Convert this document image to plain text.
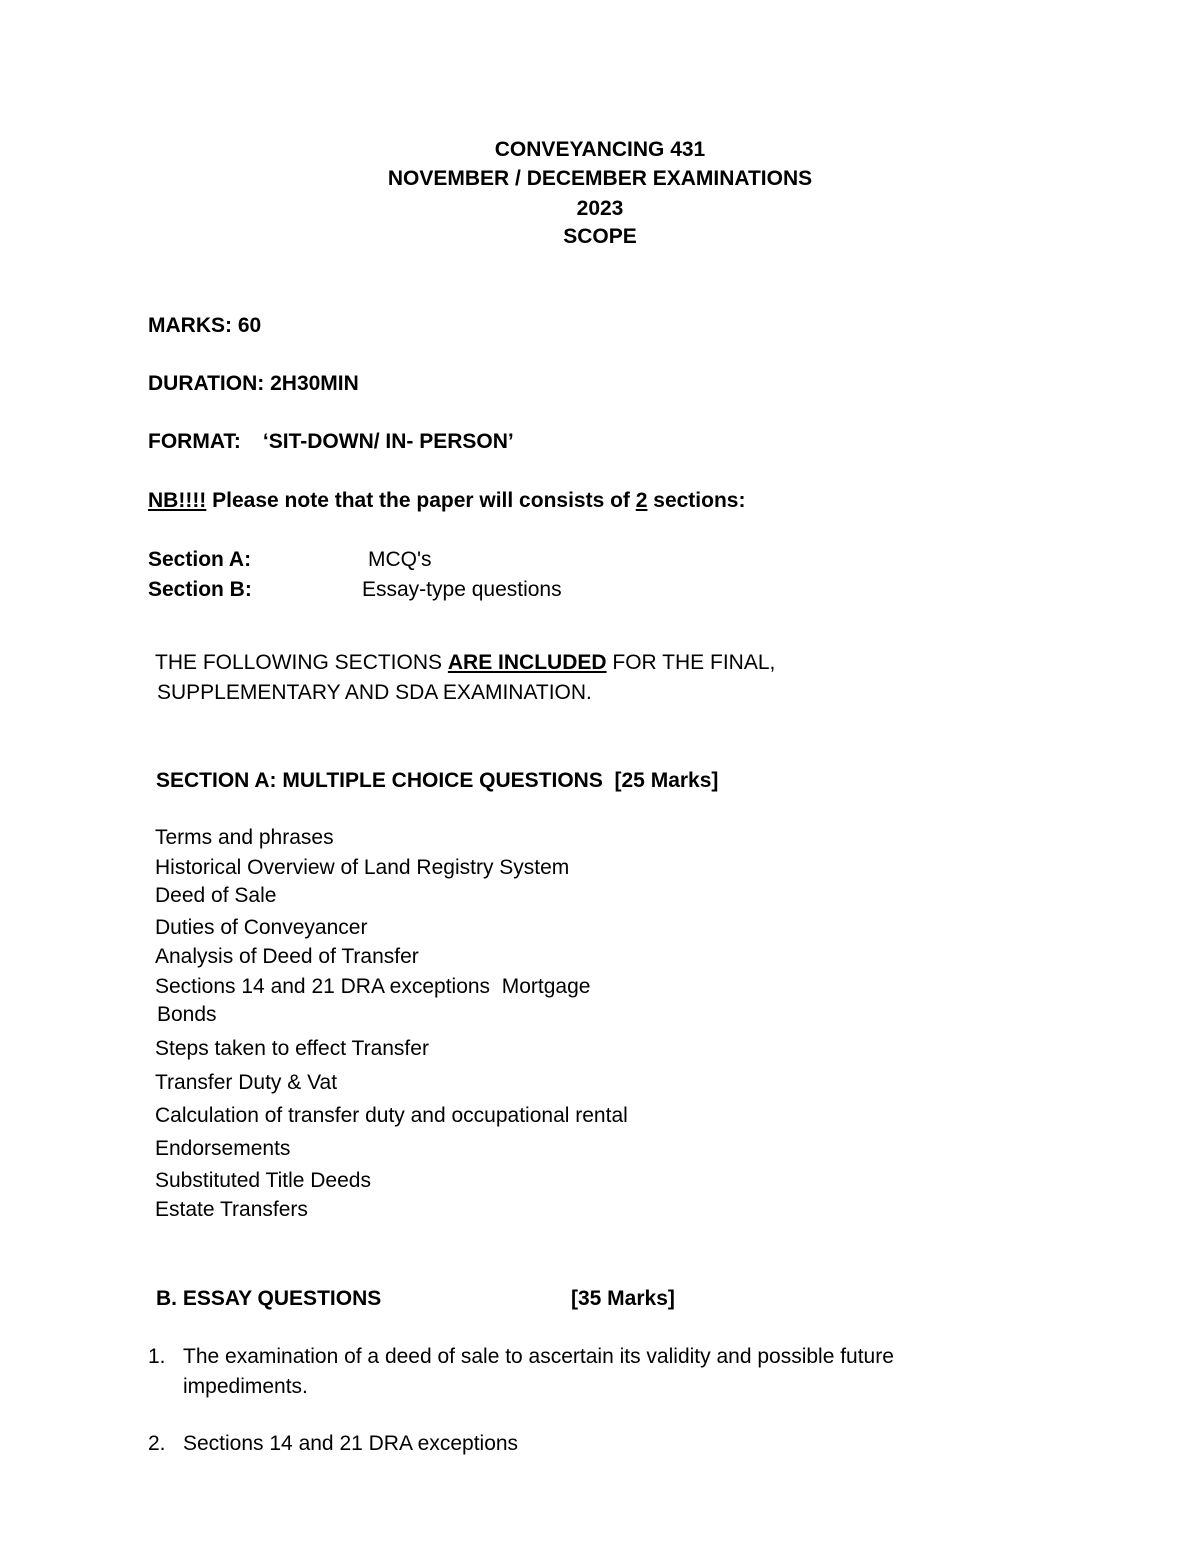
CONVEYANCING 431
NOVEMBER / DECEMBER EXAMINATIONS
2023
SCOPE
MARKS: 60
DURATION: 2H30MIN
FORMAT: ‘SIT-DOWN/ IN- PERSON’
NB!!!! Please note that the paper will consists of 2 sections:
Section A:	MCQ's
Section B:	Essay-type questions
THE FOLLOWING SECTIONS ARE INCLUDED FOR THE FINAL,
SUPPLEMENTARY AND SDA EXAMINATION.
SECTION A: MULTIPLE CHOICE QUESTIONS  [25 Marks]
Terms and phrases
Historical Overview of Land Registry System
Deed of Sale
Duties of Conveyancer
Analysis of Deed of Transfer
Sections 14 and 21 DRA exceptions  Mortgage
Bonds
Steps taken to effect Transfer
Transfer Duty & Vat
Calculation of transfer duty and occupational rental
Endorsements
Substituted Title Deeds
Estate Transfers
B. ESSAY QUESTIONS	[35 Marks]
1. The examination of a deed of sale to ascertain its validity and possible future
impediments.
2. Sections 14 and 21 DRA exceptions
